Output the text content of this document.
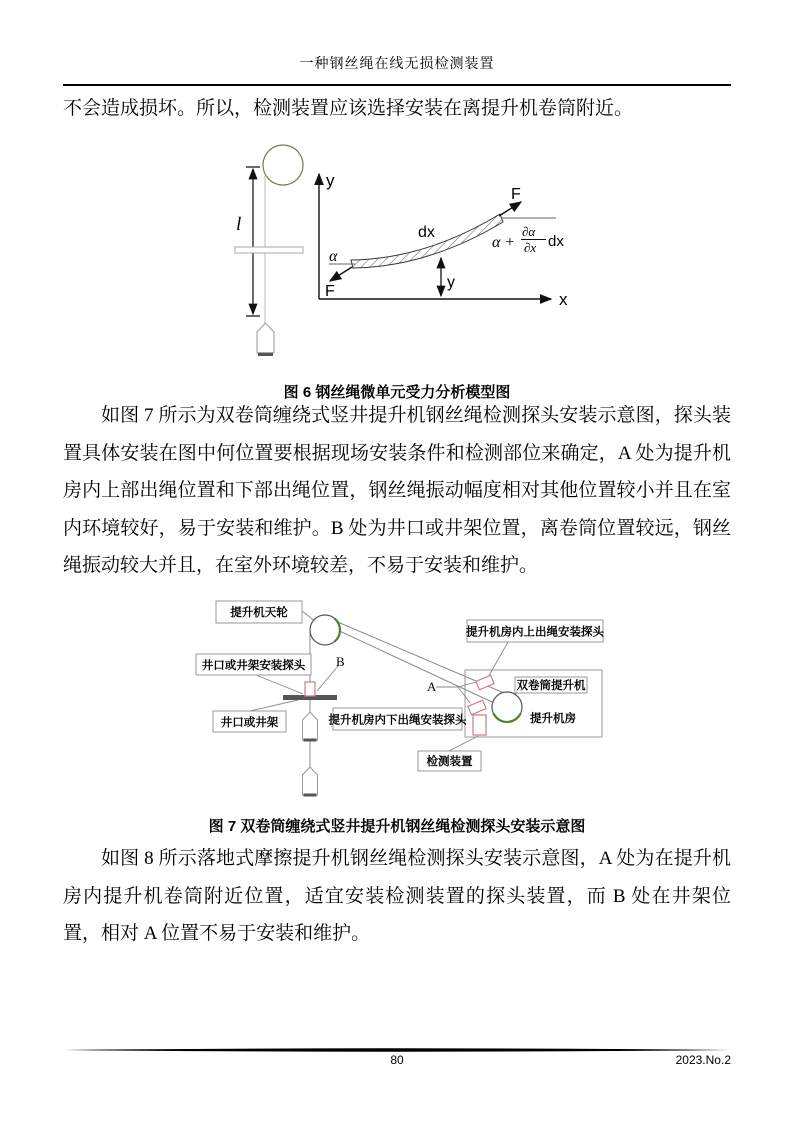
一种钢丝绳在线无损检测装置

不会造成损坏。所以，检测装置应该选择安装在离提升机卷筒附近。

l
y
x
α
F
dx
y
F
α +
∂α
∂x dx
图 6 钢丝绳微单元受力分析模型图

如图 7 所示为双卷筒缠绕式竖井提升机钢丝绳检测探头安装示意图，探头装置具体安装在图中何位置要根据现场安装条件和检测部位来确定，A 处为提升机房内上部出绳位置和下部出绳位置，钢丝绳振动幅度相对其他位置较小并且在室内环境较好，易于安装和维护。B 处为井口或井架位置，离卷筒位置较远，钢丝绳振动较大并且，在室外环境较差，不易于安装和维护。

提升机天轮
井口或井架安装探头
井口或井架	提升机房内下出绳安装探头
提升机房内上出绳安装探头
双卷筒提升机
检测装置
提升机房
A
B
图 7 双卷筒缠绕式竖井提升机钢丝绳检测探头安装示意图

如图 8 所示落地式摩擦提升机钢丝绳检测探头安装示意图，A 处为在提升机房内提升机卷筒附近位置，适宜安装检测装置的探头装置，而 B 处在井架位置，相对 A 位置不易于安装和维护。

80	2023.No.2
